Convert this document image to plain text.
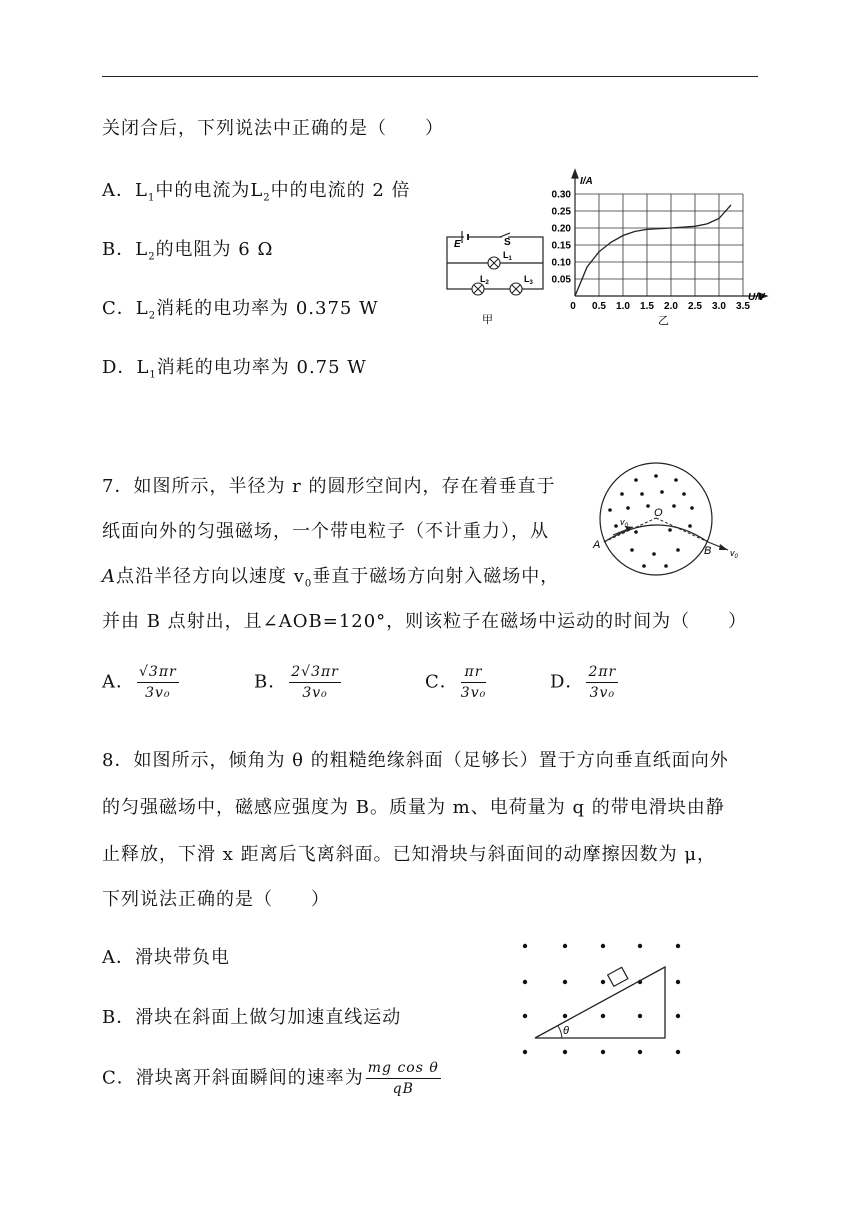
关闭合后，下列说法中正确的是（　　）
A．$L_1$中的电流为$L_2$中的电流的 2 倍
B．$L_2$的电阻为 6 Ω
C．$L_2$消耗的电功率为 0.375 W
D．$L_1$消耗的电功率为 0.75 W
E	S
$L_1$
$L_2$	$L_3$
甲
0.30
0.25
0.20
0.15
0.10
0.05
0 0.5 1.0 1.5 2.0 2.5 3.0 3.5
I/A
U/V
乙
7．如图所示，半径为 r 的圆形空间内，存在着垂直于
纸面向外的匀强磁场，一个带电粒子（不计重力），从
A点沿半径方向以速度 $v_0$垂直于磁场方向射入磁场中，
并由 B 点射出，且∠AOB=120°，则该粒子在磁场中运动的时间为（　　）
A	B
O
$v_0$
$v_0$
A． $\frac{√3\pi r}{\text{3v₀}}$	B． $\frac{2√3\pi r}{\text{3v₀}}$	C． $\frac{\pi r}{\text{3v₀}}$	D． $\frac{2\pi r}{\text{3v₀}}$
8．如图所示，倾角为 θ 的粗糙绝缘斜面（足够长）置于方向垂直纸面向外
的匀强磁场中，磁感应强度为 B。质量为 m、电荷量为 q 的带电滑块由静
止释放，下滑 x 距离后飞离斜面。已知滑块与斜面间的动摩擦因数为 μ，
下列说法正确的是（　　）
A．滑块带负电
B．滑块在斜面上做匀加速直线运动
C．滑块离开斜面瞬间的速率为 $\frac{\text{mg cos θ}}{qB}$
θ
